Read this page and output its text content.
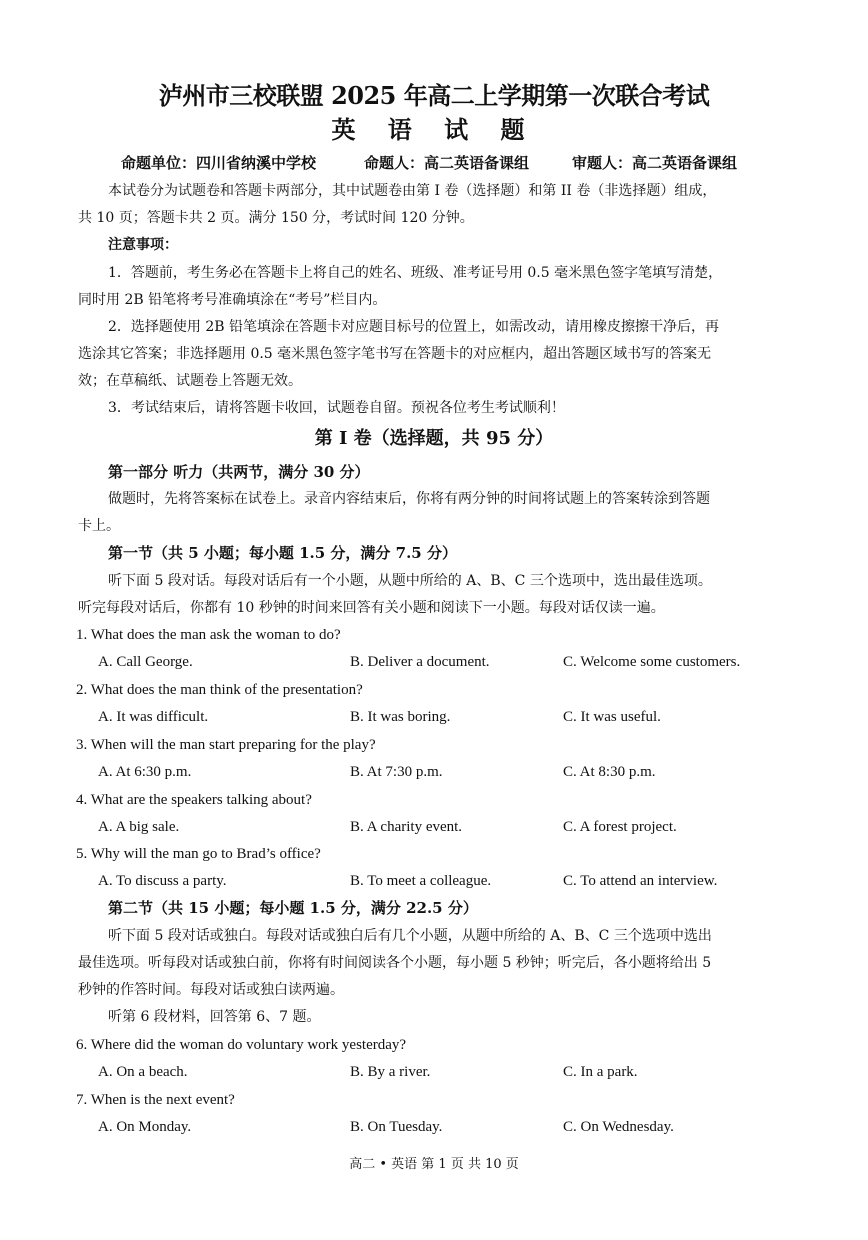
泸州市三校联盟 2025 年高二上学期第一次联合考试
英 语 试 题
命题单位：四川省纳溪中学校	命题人：高二英语备课组	审题人：高二英语备课组
本试卷分为试题卷和答题卡两部分，其中试题卷由第 I 卷（选择题）和第 II 卷（非选择题）组成，
共 10 页；答题卡共 2 页。满分 150 分，考试时间 120 分钟。
注意事项：
1．答题前，考生务必在答题卡上将自己的姓名、班级、准考证号用 0.5 毫米黑色签字笔填写清楚，
同时用 2B 铅笔将考号准确填涂在“考号”栏目内。
2．选择题使用 2B 铅笔填涂在答题卡对应题目标号的位置上，如需改动，请用橡皮擦擦干净后，再
选涂其它答案；非选择题用 0.5 毫米黑色签字笔书写在答题卡的对应框内，超出答题区域书写的答案无
效；在草稿纸、试题卷上答题无效。
3．考试结束后，请将答题卡收回，试题卷自留。预祝各位考生考试顺利！
第 I 卷（选择题，共 95 分）
第一部分 听力（共两节，满分 30 分）
做题时，先将答案标在试卷上。录音内容结束后，你将有两分钟的时间将试题上的答案转涂到答题
卡上。
第一节（共 5 小题；每小题 1.5 分，满分 7.5 分）
听下面 5 段对话。每段对话后有一个小题，从题中所给的 A、B、C 三个选项中，选出最佳选项。
听完每段对话后，你都有 10 秒钟的时间来回答有关小题和阅读下一小题。每段对话仅读一遍。
1. What does the man ask the woman to do?
A. Call George.	B. Deliver a document.	C. Welcome some customers.
2. What does the man think of the presentation?
A. It was difficult.	B. It was boring.	C. It was useful.
3. When will the man start preparing for the play?
A. At 6:30 p.m.	B. At 7:30 p.m.	C. At 8:30 p.m.
4. What are the speakers talking about?
A. A big sale.	B. A charity event.	C. A forest project.
5. Why will the man go to Brad’s office?
A. To discuss a party.	B. To meet a colleague.	C. To attend an interview.
第二节（共 15 小题；每小题 1.5 分，满分 22.5 分）
听下面 5 段对话或独白。每段对话或独白后有几个小题，从题中所给的 A、B、C 三个选项中选出
最佳选项。听每段对话或独白前，你将有时间阅读各个小题，每小题 5 秒钟；听完后，各小题将给出 5
秒钟的作答时间。每段对话或独白读两遍。
听第 6 段材料，回答第 6、7 题。
6. Where did the woman do voluntary work yesterday?
A. On a beach.	B. By a river.	C. In a park.
7. When is the next event?
A. On Monday.	B. On Tuesday.	C. On Wednesday.
高二 • 英语 第 1 页 共 10 页
